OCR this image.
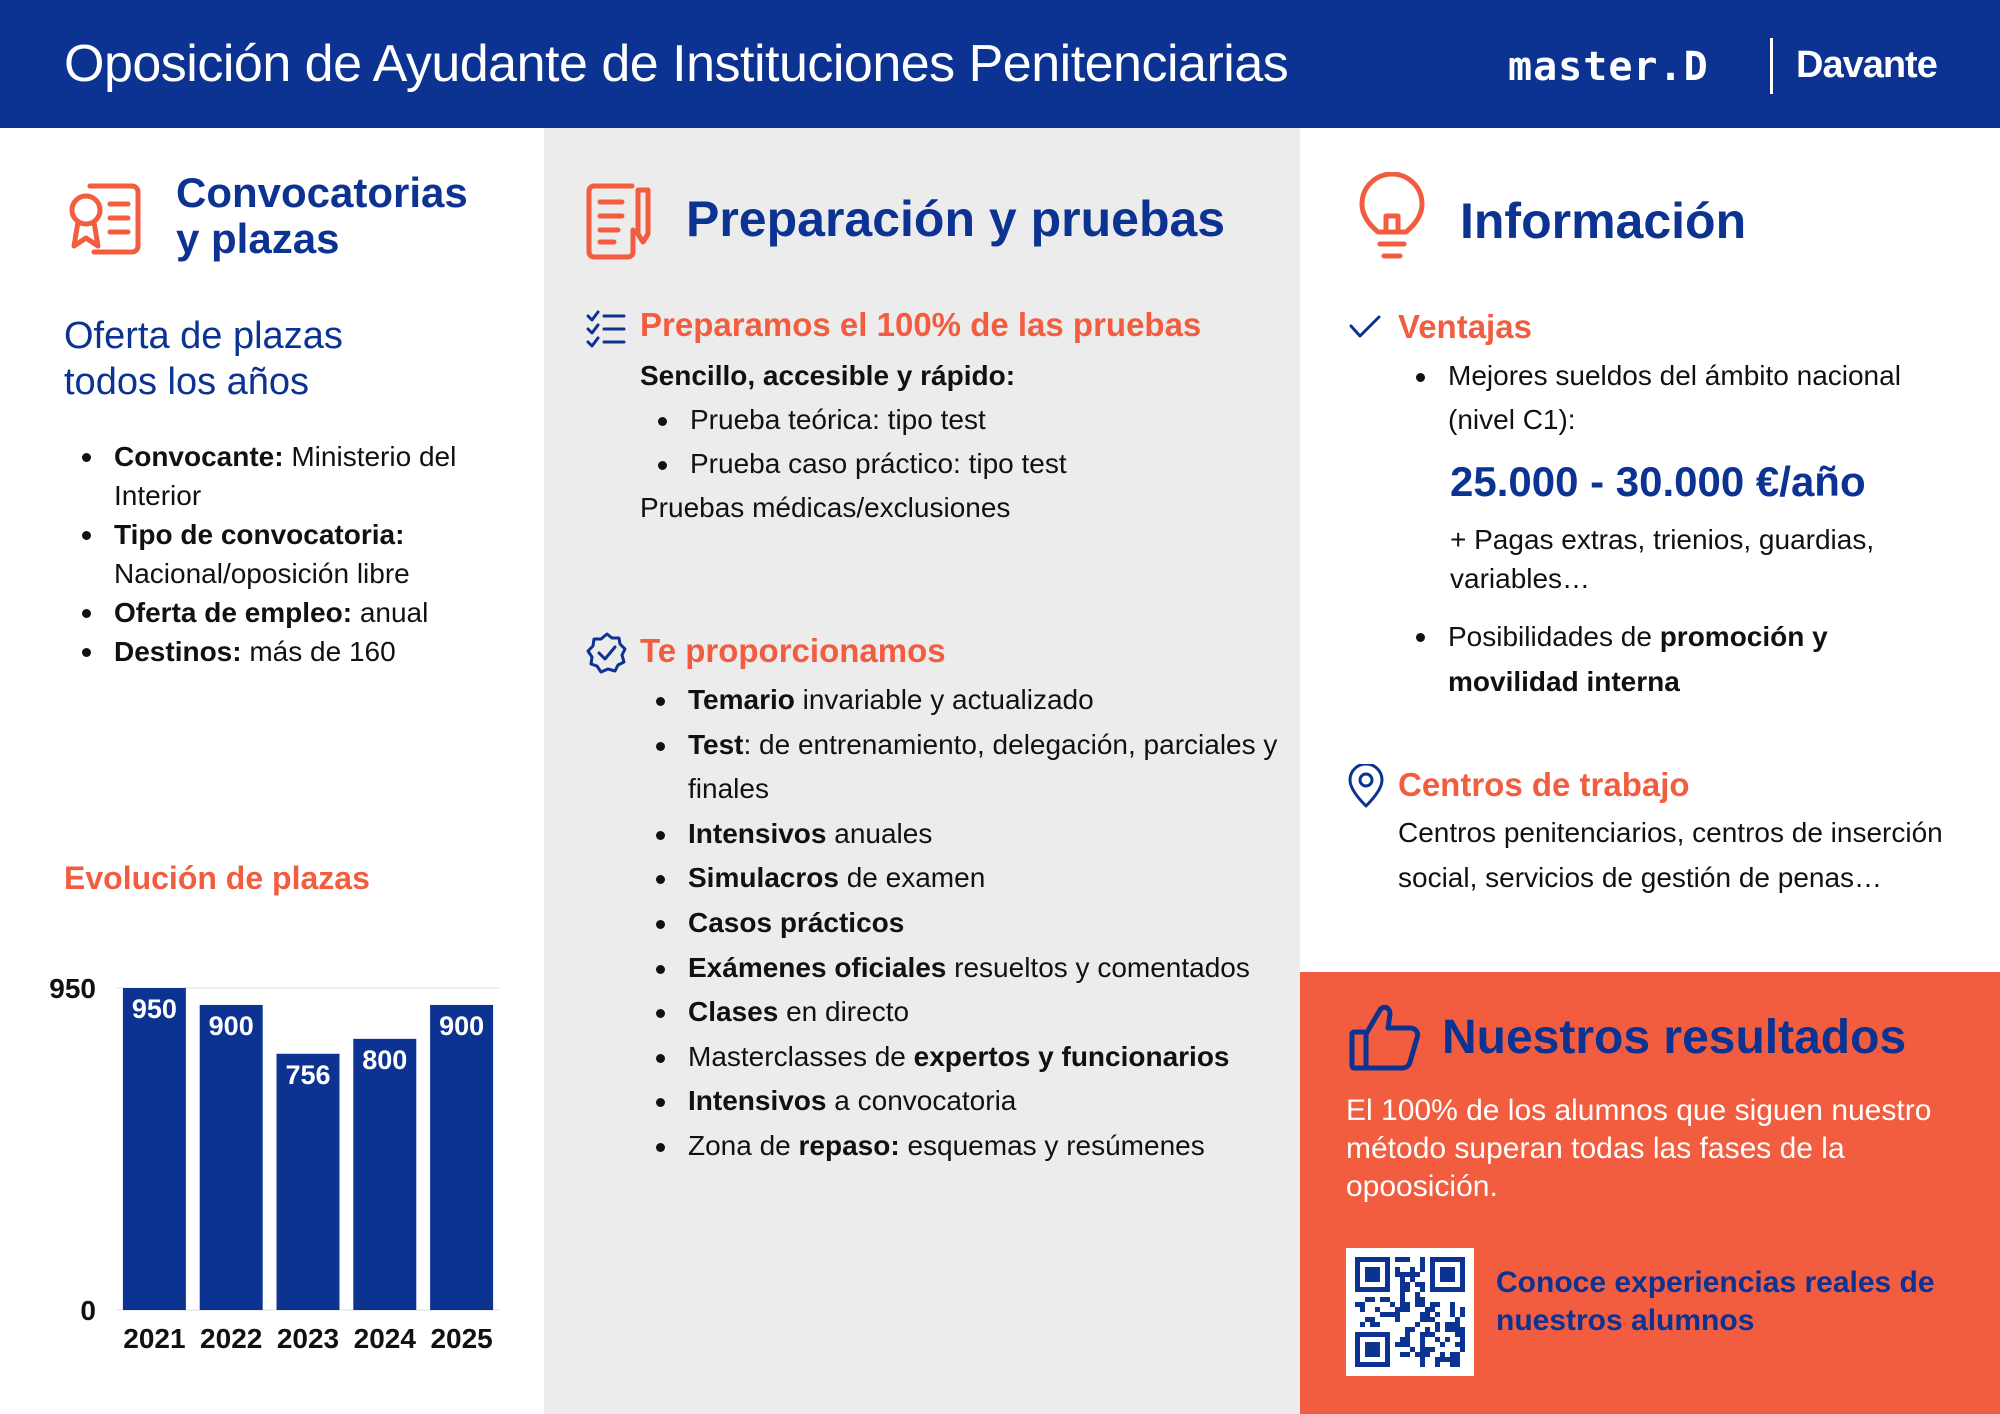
Oposición de Ayudante de Instituciones Penitenciarias	master.D Davante
Convocatorias
y plazas
Oferta de plazas
todos los años
Convocante: Ministerio del Interior
Tipo de convocatoria: Nacional/oposición libre
Oferta de empleo: anual
Destinos: más de 160
Evolución de plazas
0
950
950
2021
900
2022
756
2023
800
2024
900
2025
Preparación y pruebas
Preparamos el 100% de las pruebas
Sencillo, accesible y rápido:
Prueba teórica: tipo test
Prueba caso práctico: tipo test
Pruebas médicas/exclusiones
Te proporcionamos
Temario invariable y actualizado
Test: de entrenamiento, delegación, parciales y finales
Intensivos anuales
Simulacros de examen
Casos prácticos
Exámenes oficiales resueltos y comentados
Clases en directo
Masterclasses de expertos y funcionarios
Intensivos a convocatoria
Zona de repaso: esquemas y resúmenes
Información
Ventajas
Mejores sueldos del ámbito nacional (nivel C1):
25.000 - 30.000 €/año
+ Pagas extras, trienios, guardias, variables…
Posibilidades de promoción y movilidad interna
Centros de trabajo
Centros penitenciarios, centros de inserción social, servicios de gestión de penas…
Nuestros resultados
El 100% de los alumnos que siguen nuestro método superan todas las fases de la opoosición.
Conoce experiencias reales de nuestros alumnos
